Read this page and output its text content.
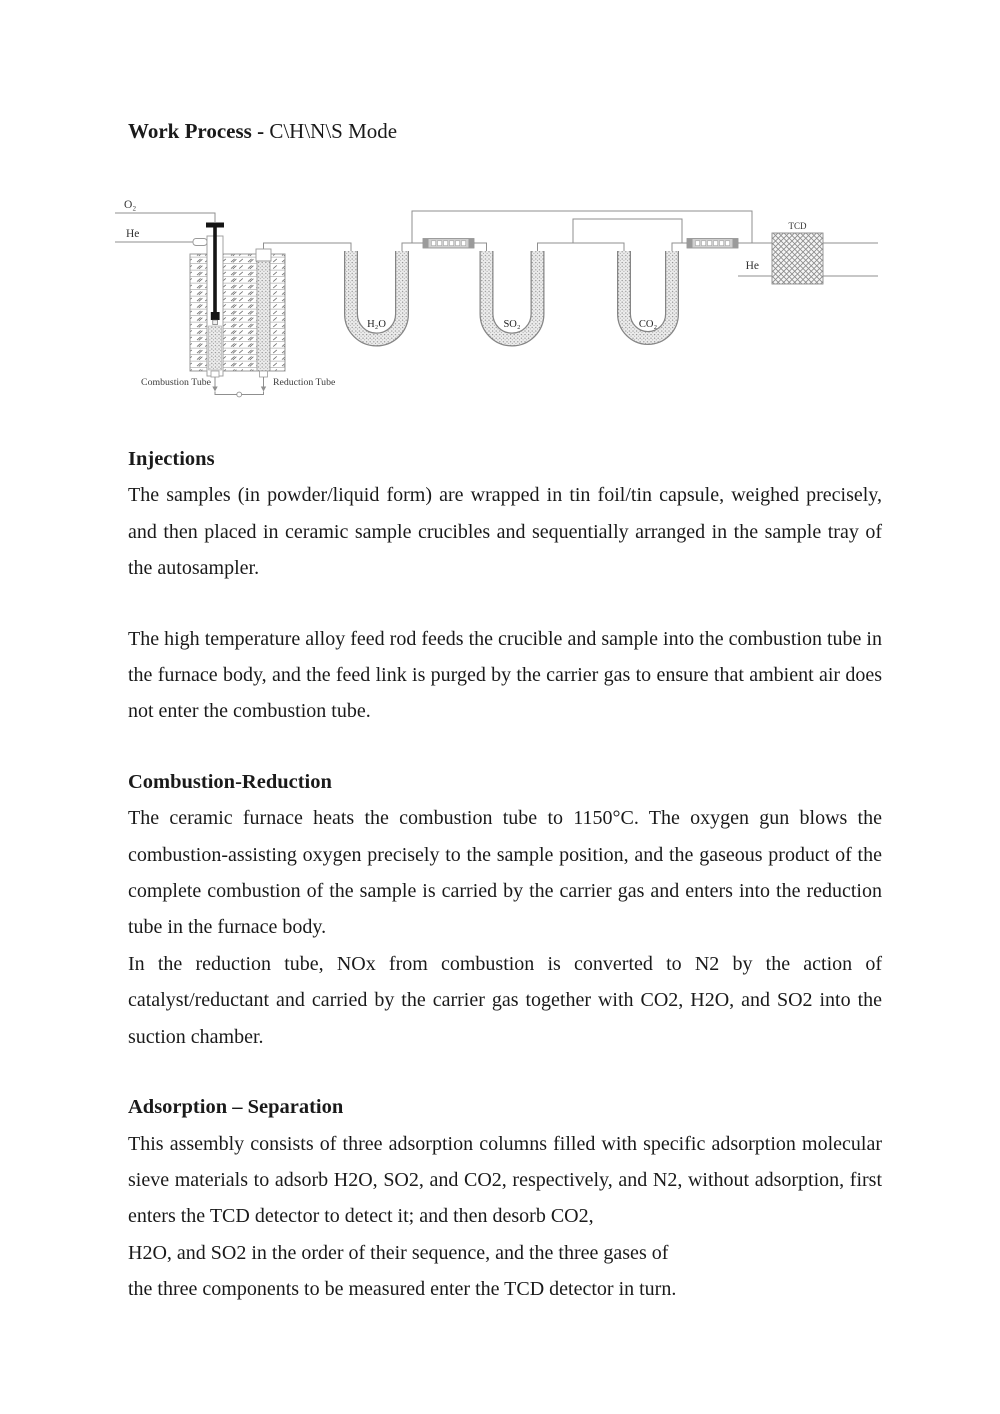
Work Process - C\H\N\S Mode
O₂
He
Combustion Tube	Reduction Tube
H₂O	SO₂	CO₂
TCD
He
Injections

The samples (in powder/liquid form) are wrapped in tin foil/tin capsule, weighed precisely, and then placed in ceramic sample crucibles and sequentially arranged in the sample tray of the autosampler.

The high temperature alloy feed rod feeds the crucible and sample into the combustion tube in the furnace body, and the feed link is purged by the carrier gas to ensure that ambient air does not enter the combustion tube.

Combustion-Reduction

The ceramic furnace heats the combustion tube to 1150°C. The oxygen gun blows the combustion-assisting oxygen precisely to the sample position, and the gaseous product of the complete combustion of the sample is carried by the carrier gas and enters into the reduction tube in the furnace body.

In the reduction tube, NOx from combustion is converted to N2 by the action of catalyst/reductant and carried by the carrier gas together with CO2, H2O, and SO2 into the suction chamber.

Adsorption – Separation

This assembly consists of three adsorption columns filled with specific adsorption molecular sieve materials to adsorb H2O, SO2, and CO2, respectively, and N2, without adsorption, first enters the TCD detector to detect it; and then desorb CO2,

H2O, and SO2 in the order of their sequence, and the three gases of
the three components to be measured enter the TCD detector in turn.
